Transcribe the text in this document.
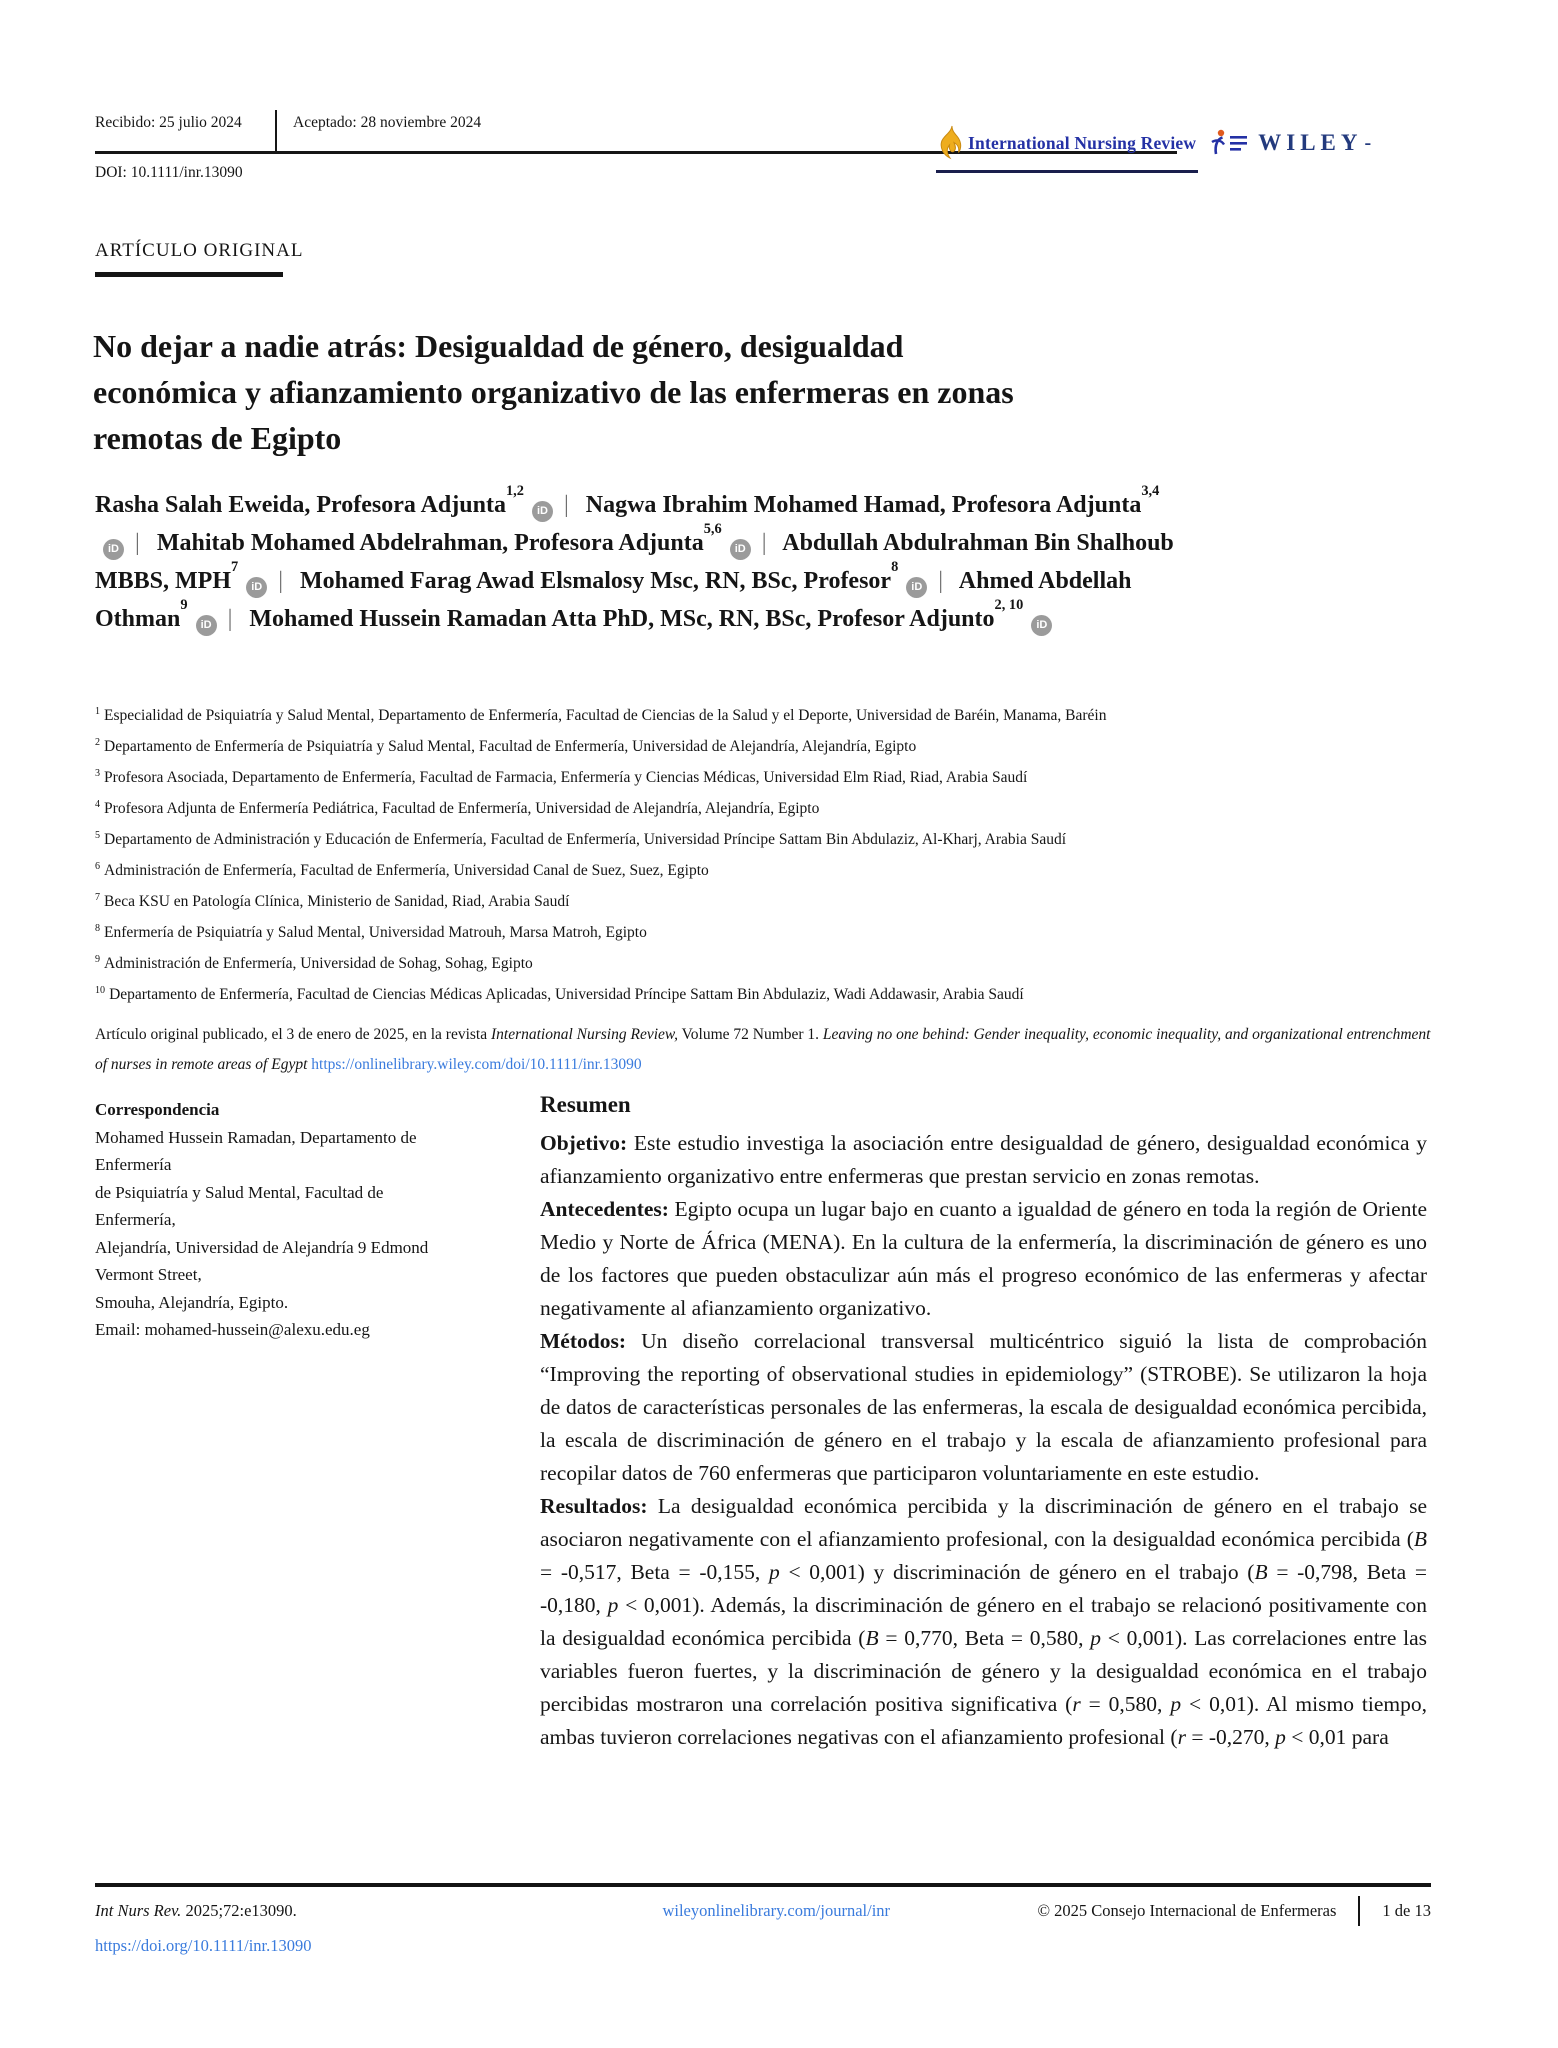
Recibido: 25 julio 2024	Aceptado: 28 noviembre 2024
DOI: 10.1111/inr.13090
International Nursing Review	WILEY -
ARTÍCULO ORIGINAL
No dejar a nadie atrás: Desigualdad de género, desigualdad
económica y afianzamiento organizativo de las enfermeras en zonas
remotas de Egipto
Rasha Salah Eweida, Profesora Adjunta$^{1,2}$
iD | Nagwa Ibrahim Mohamed Hamad, Profesora Adjunta$^{3,4}$
iD | Mahitab Mohamed Abdelrahman, Profesora Adjunta$^{5,6}$
iD | Abdullah Abdulrahman Bin Shalhoub MBBS, MPH$^7$
iD | Mohamed Farag Awad Elsmalosy Msc, RN, BSc, Profesor$^8$
iD | Ahmed Abdellah Othman$^9$
iD | Mohamed Hussein Ramadan Atta PhD, MSc, RN, BSc, Profesor Adjunto$^{2, 10}$
iD
$^1$ Especialidad de Psiquiatría y Salud Mental, Departamento de Enfermería, Facultad de Ciencias de la Salud y el Deporte, Universidad de Baréin, Manama, Baréin
$^2$ Departamento de Enfermería de Psiquiatría y Salud Mental, Facultad de Enfermería, Universidad de Alejandría, Alejandría, Egipto
$^3$ Profesora Asociada, Departamento de Enfermería, Facultad de Farmacia, Enfermería y Ciencias Médicas, Universidad Elm Riad, Riad, Arabia Saudí
$^4$ Profesora Adjunta de Enfermería Pediátrica, Facultad de Enfermería, Universidad de Alejandría, Alejandría, Egipto
$^5$ Departamento de Administración y Educación de Enfermería, Facultad de Enfermería, Universidad Príncipe Sattam Bin Abdulaziz, Al-Kharj, Arabia Saudí
$^6$ Administración de Enfermería, Facultad de Enfermería, Universidad Canal de Suez, Suez, Egipto
$^7$ Beca KSU en Patología Clínica, Ministerio de Sanidad, Riad, Arabia Saudí
$^8$ Enfermería de Psiquiatría y Salud Mental, Universidad Matrouh, Marsa Matroh, Egipto
$^9$ Administración de Enfermería, Universidad de Sohag, Sohag, Egipto
$^{10}$ Departamento de Enfermería, Facultad de Ciencias Médicas Aplicadas, Universidad Príncipe Sattam Bin Abdulaziz, Wadi Addawasir, Arabia Saudí

Artículo original publicado, el 3 de enero de 2025, en la revista International Nursing Review, Volume 72 Number 1. Leaving no one behind: Gender inequality, economic inequality, and organizational entrenchment of nurses in remote areas of Egypt https://onlinelibrary.wiley.com/doi/10.1111/inr.13090

Correspondencia
Mohamed Hussein Ramadan, Departamento de
Enfermería
de Psiquiatría y Salud Mental, Facultad de
Enfermería,
Alejandría, Universidad de Alejandría 9 Edmond
Vermont Street,
Smouha, Alejandría, Egipto.
Email: mohamed-hussein@alexu.edu.eg
Resumen

Objetivo: Este estudio investiga la asociación entre desigualdad de género, desigualdad económica y afianzamiento organizativo entre enfermeras que prestan servicio en zonas remotas.

Antecedentes: Egipto ocupa un lugar bajo en cuanto a igualdad de género en toda la región de Oriente Medio y Norte de África (MENA). En la cultura de la enfermería, la discriminación de género es uno de los factores que pueden obstaculizar aún más el progreso económico de las enfermeras y afectar negativamente al afianzamiento organizativo.

Métodos: Un diseño correlacional transversal multicéntrico siguió la lista de comprobación “Improving the reporting of observational studies in epidemiology” (STROBE). Se utilizaron la hoja de datos de características personales de las enfermeras, la escala de desigualdad económica percibida, la escala de discriminación de género en el trabajo y la escala de afianzamiento profesional para recopilar datos de 760 enfermeras que participaron voluntariamente en este estudio.

Resultados: La desigualdad económica percibida y la discriminación de género en el trabajo se asociaron negativamente con el afianzamiento profesional, con la desigualdad económica percibida (B = -0,517, Beta = -0,155, p < 0,001) y discriminación de género en el trabajo (B = -0,798, Beta = -0,180, p < 0,001). Además, la discriminación de género en el trabajo se relacionó positivamente con la desigualdad económica percibida (B = 0,770, Beta = 0,580, p < 0,001). Las correlaciones entre las variables fueron fuertes, y la discriminación de género y la desigualdad económica en el trabajo percibidas mostraron una correlación positiva significativa (r = 0,580, p < 0,01). Al mismo tiempo, ambas tuvieron correlaciones negativas con el afianzamiento profesional (r = -0,270, p < 0,01 para

Int Nurs Rev. 2025;72:e13090.	wileyonlinelibrary.com/journal/inr	© 2025 Consejo Internacional de Enfermeras	1 de 13
https://doi.org/10.1111/inr.13090
